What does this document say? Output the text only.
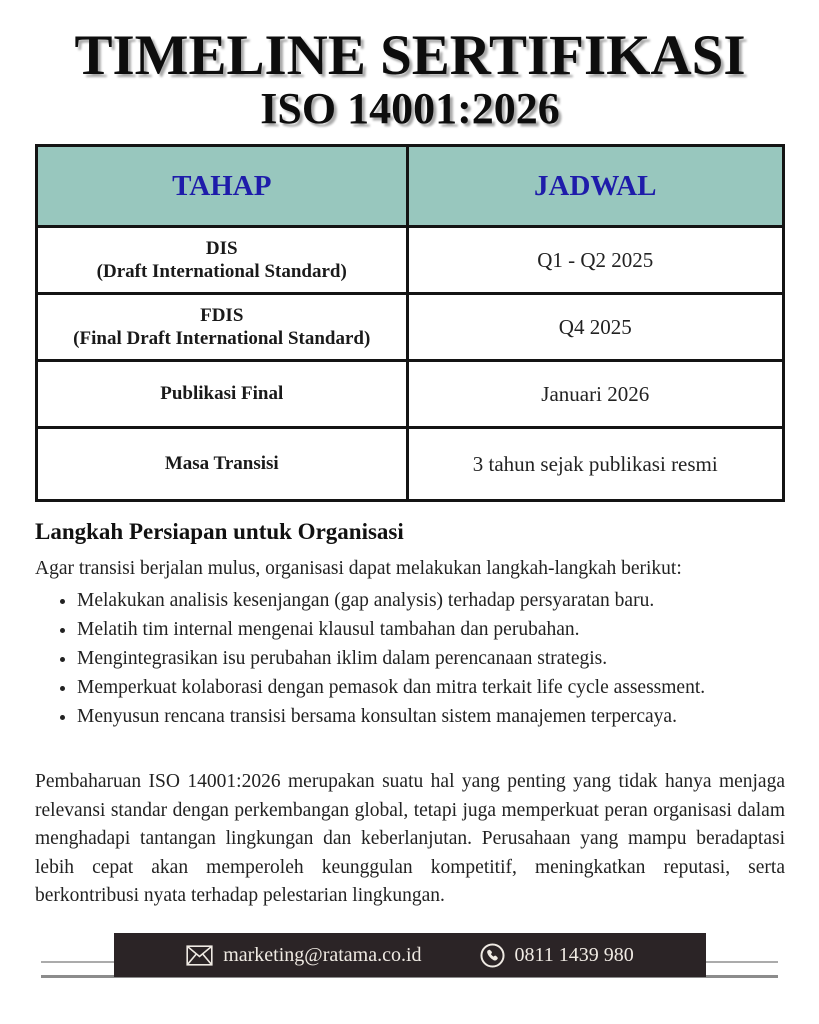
TIMELINE SERTIFIKASI
ISO 14001:2026
TAHAP	JADWAL
DIS
(Draft International Standard)	Q1 - Q2 2025
FDIS
(Final Draft International Standard)	Q4 2025
Publikasi Final	Januari 2026
Masa Transisi	3 tahun sejak publikasi resmi
Langkah Persiapan untuk Organisasi
Agar transisi berjalan mulus, organisasi dapat melakukan langkah-langkah berikut:
• Melakukan analisis kesenjangan (gap analysis) terhadap persyaratan baru.
• Melatih tim internal mengenai klausul tambahan dan perubahan.
• Mengintegrasikan isu perubahan iklim dalam perencanaan strategis.
• Memperkuat kolaborasi dengan pemasok dan mitra terkait life cycle assessment.
• Menyusun rencana transisi bersama konsultan sistem manajemen terpercaya.
Pembaharuan ISO 14001:2026 merupakan suatu hal yang penting yang tidak hanya menjaga relevansi standar dengan perkembangan global, tetapi juga memperkuat peran organisasi dalam menghadapi tantangan lingkungan dan keberlanjutan. Perusahaan yang mampu beradaptasi lebih cepat akan memperoleh keunggulan kompetitif, meningkatkan reputasi, serta berkontribusi nyata terhadap pelestarian lingkungan.
marketing@ratama.co.id	0811 1439 980
